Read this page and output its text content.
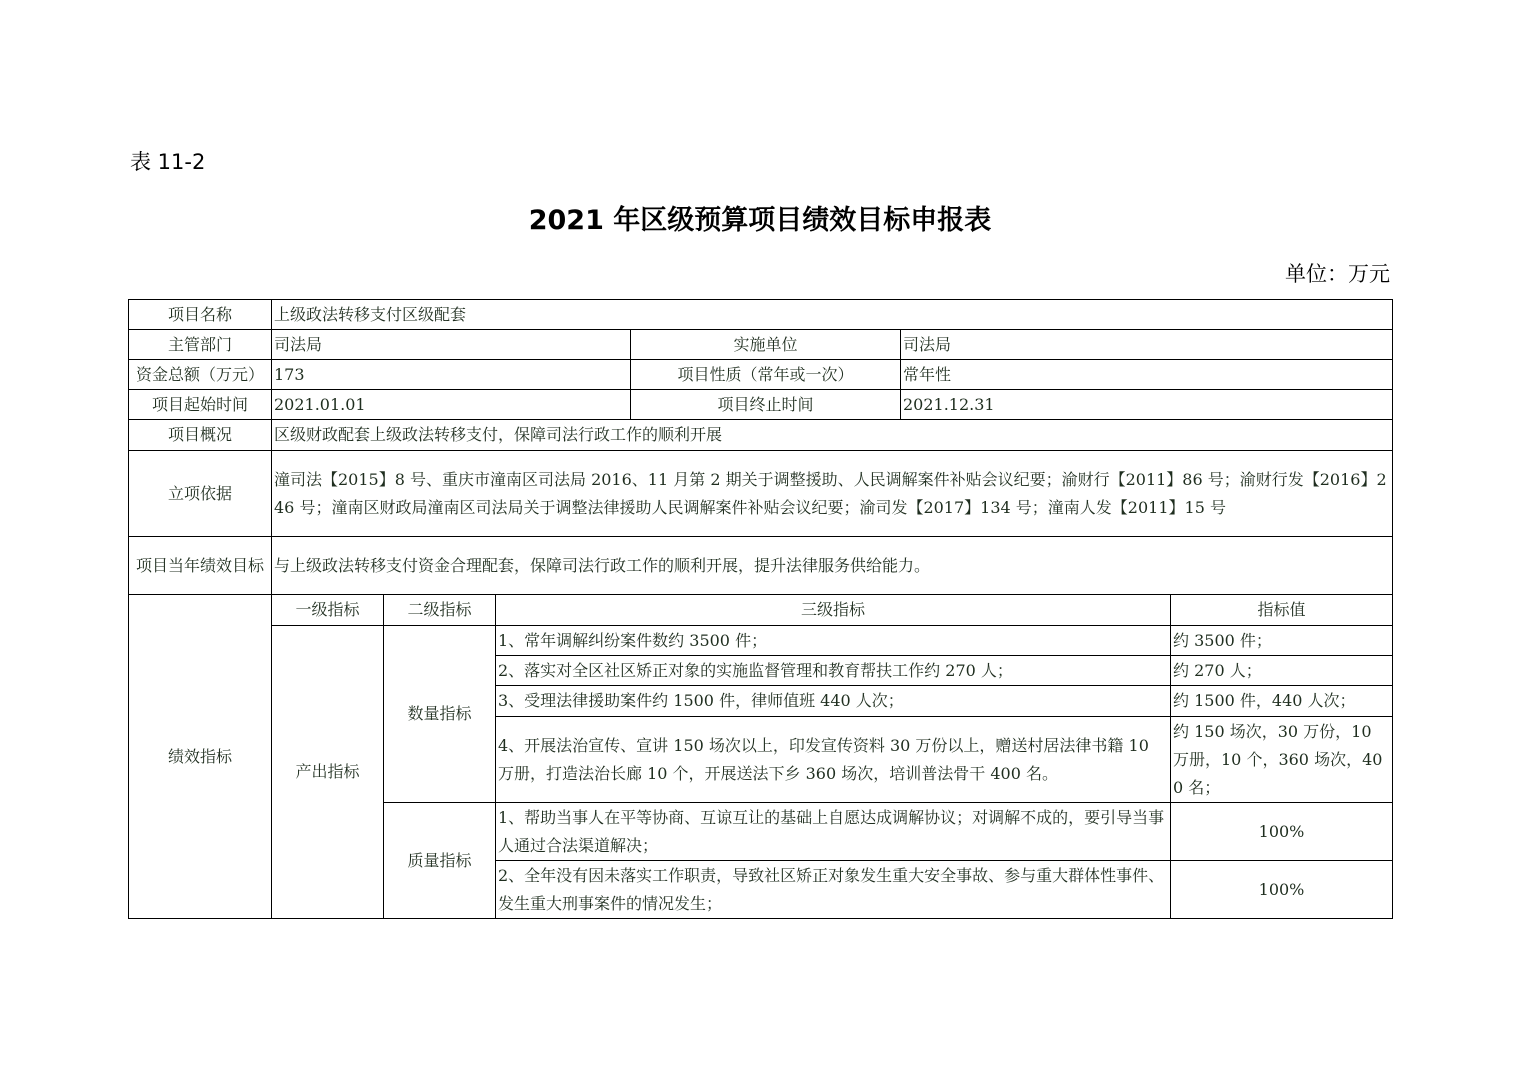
表 11-2
2021 年区级预算项目绩效目标申报表
单位：万元
项目名称	上级政法转移支付区级配套					
主管部门	司法局			实施单位	司法局	
资金总额（万元）	173			项目性质（常年或一次）	常年性	
项目起始时间	2021.01.01			项目终止时间	2021.12.31	
项目概况	区级财政配套上级政法转移支付，保障司法行政工作的顺利开展					
立项依据	潼司法【2015】8 号、重庆市潼南区司法局 2016、11 月第 2 期关于调整援助、人民调解案件补贴会议纪要；渝财行【2011】86 号；渝财行发【2016】246 号；潼南区财政局潼南区司法局关于调整法律援助人民调解案件补贴会议纪要；渝司发【2017】134 号；潼南人发【2011】15 号					
项目当年绩效目标	与上级政法转移支付资金合理配套，保障司法行政工作的顺利开展，提升法律服务供给能力。					
绩效指标	一级指标	二级指标	三级指标			指标值
	产出指标	数量指标	1、常年调解纠纷案件数约 3500 件；			约 3500 件；
			2、落实对全区社区矫正对象的实施监督管理和教育帮扶工作约 270 人；			约 270 人；
			3、受理法律援助案件约 1500 件，律师值班 440 人次；			约 1500 件，440 人次；
			4、开展法治宣传、宣讲 150 场次以上，印发宣传资料 30 万份以上，赠送村居法律书籍 10 万册，打造法治长廊 10 个，开展送法下乡 360 场次，培训普法骨干 400 名。			约 150 场次，30 万份，10 万册，10 个，360 场次，400 名；
		质量指标	1、帮助当事人在平等协商、互谅互让的基础上自愿达成调解协议；对调解不成的，要引导当事人通过合法渠道解决；			100%
			2、全年没有因未落实工作职责，导致社区矫正对象发生重大安全事故、参与重大群体性事件、发生重大刑事案件的情况发生；			100%
